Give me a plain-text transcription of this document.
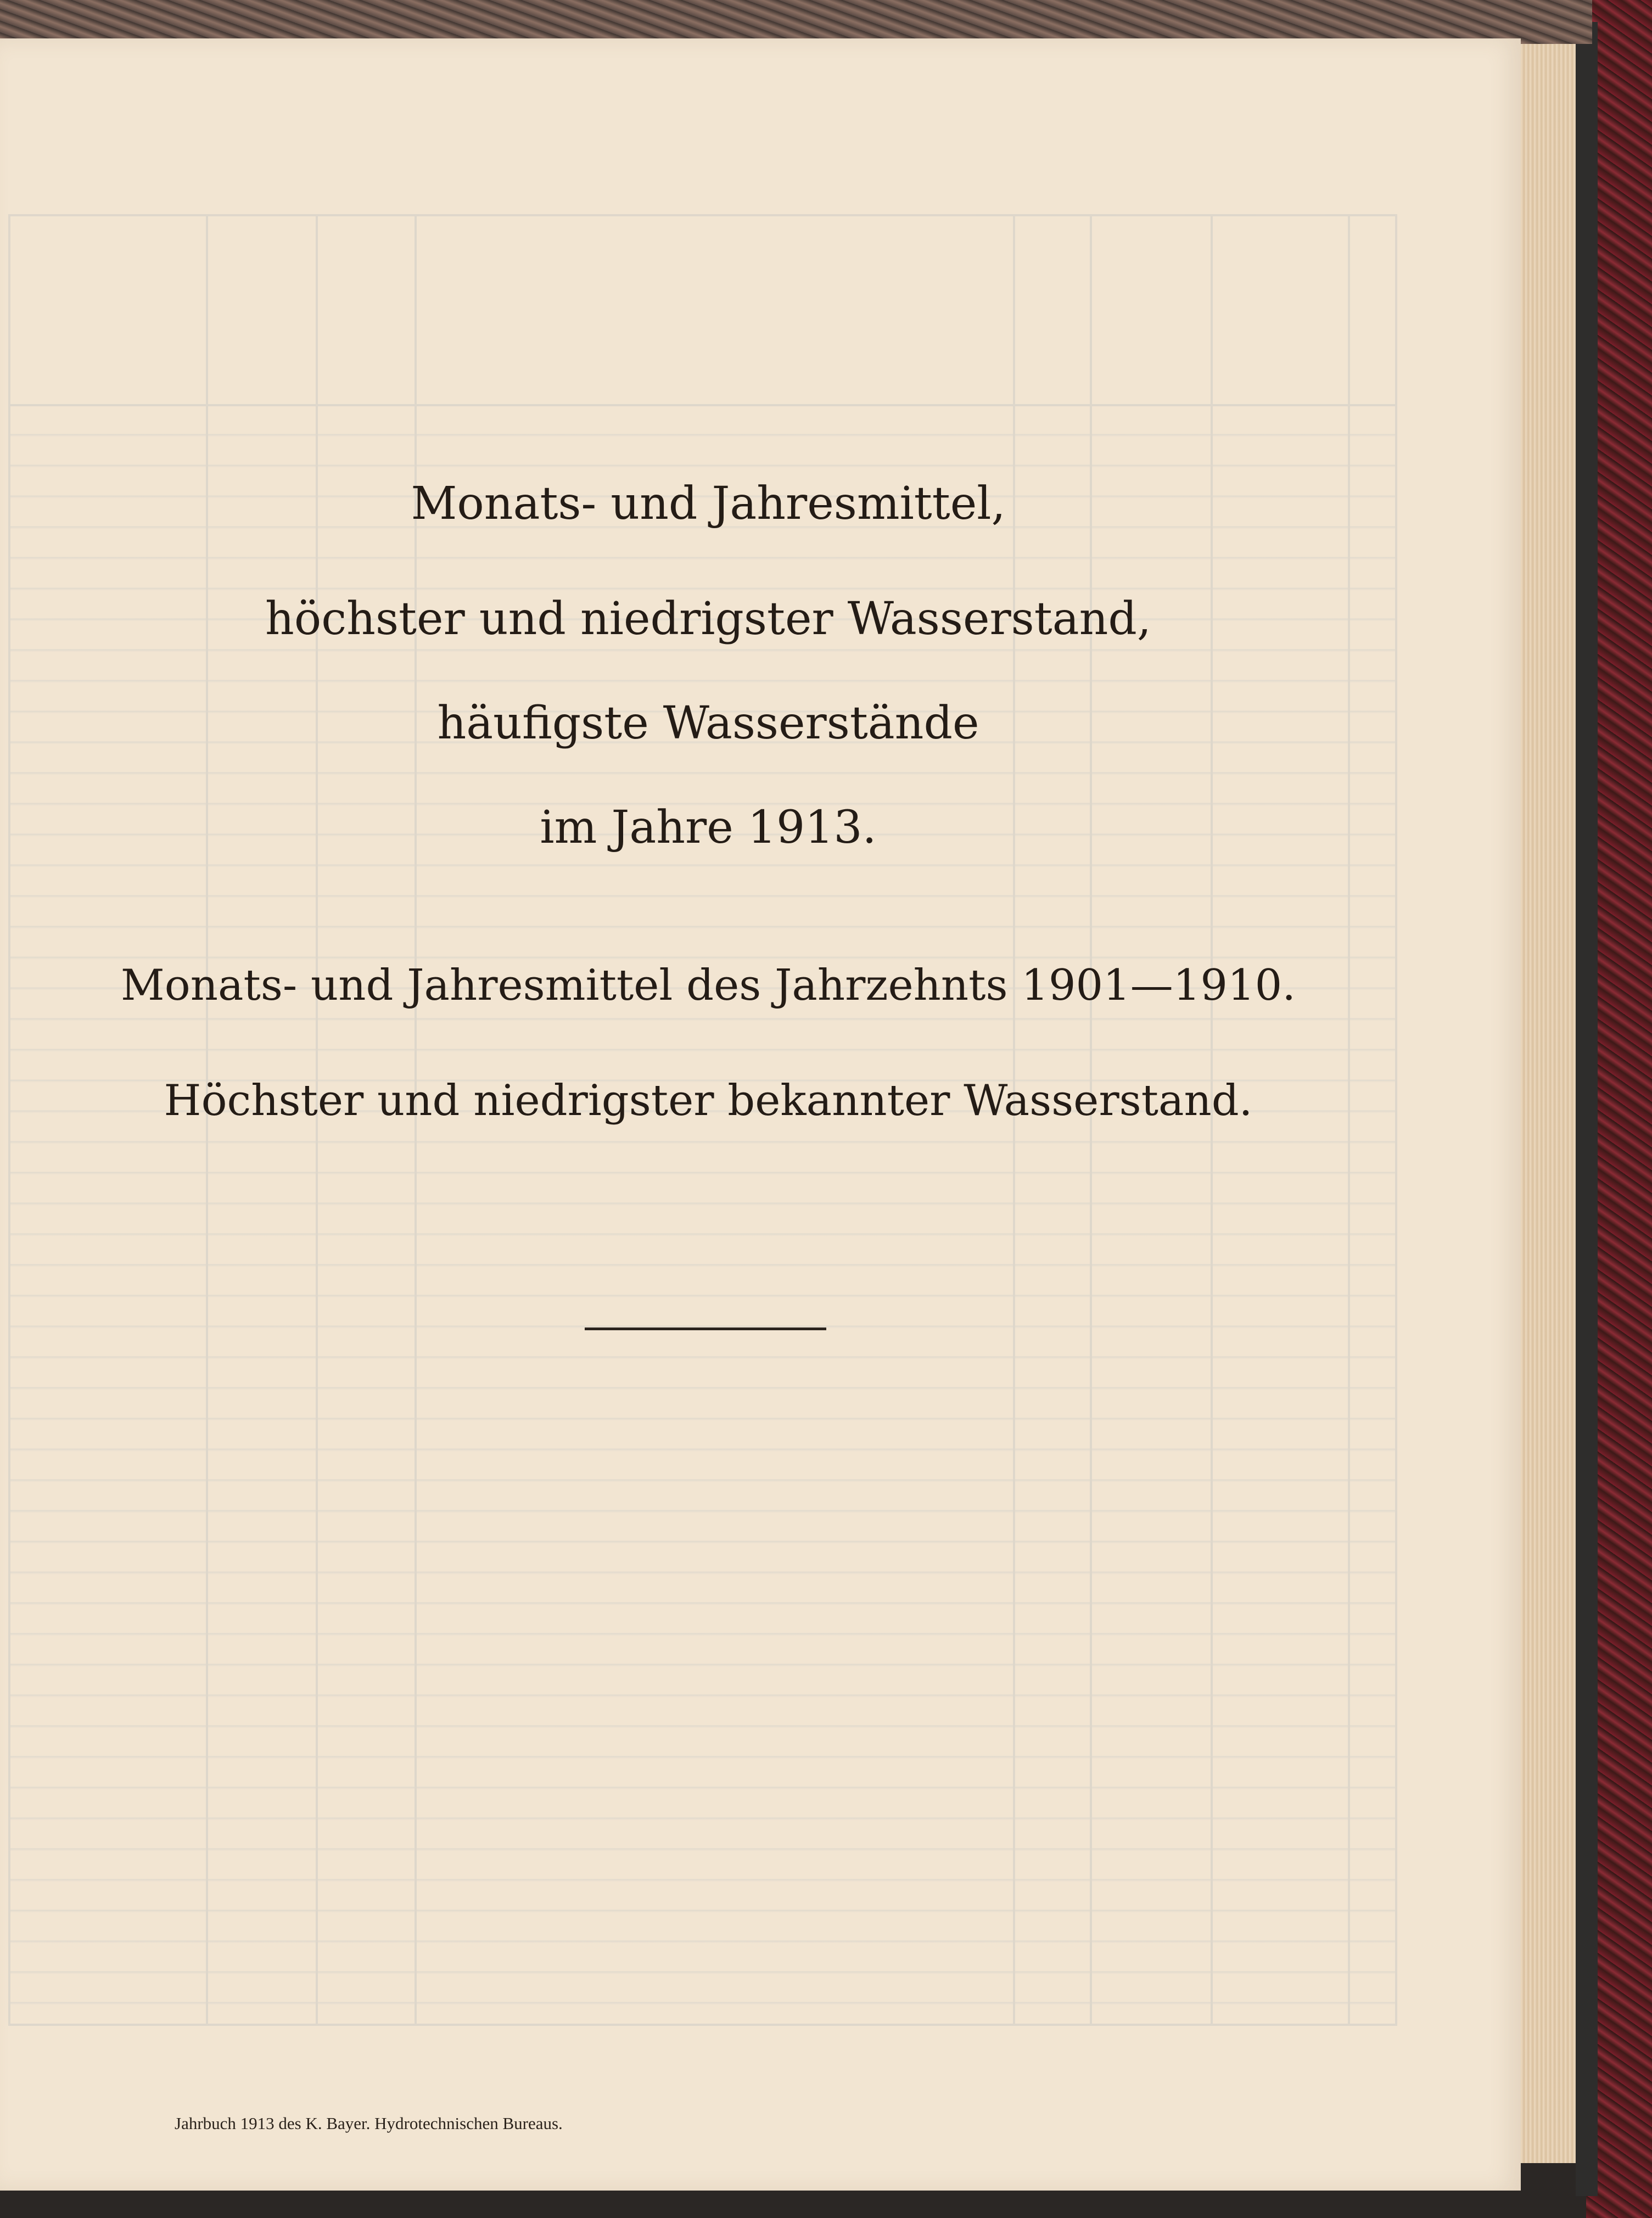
Monats- und Jahresmittel,
höchster und niedrigster Wasserstand,
häufigste Wasserstände
im Jahre 1913.
Monats- und Jahresmittel des Jahrzehnts 1901—1910.
Höchster und niedrigster bekannter Wasserstand.
Jahrbuch 1913 des K. Bayer. Hydrotechnischen Bureaus.
